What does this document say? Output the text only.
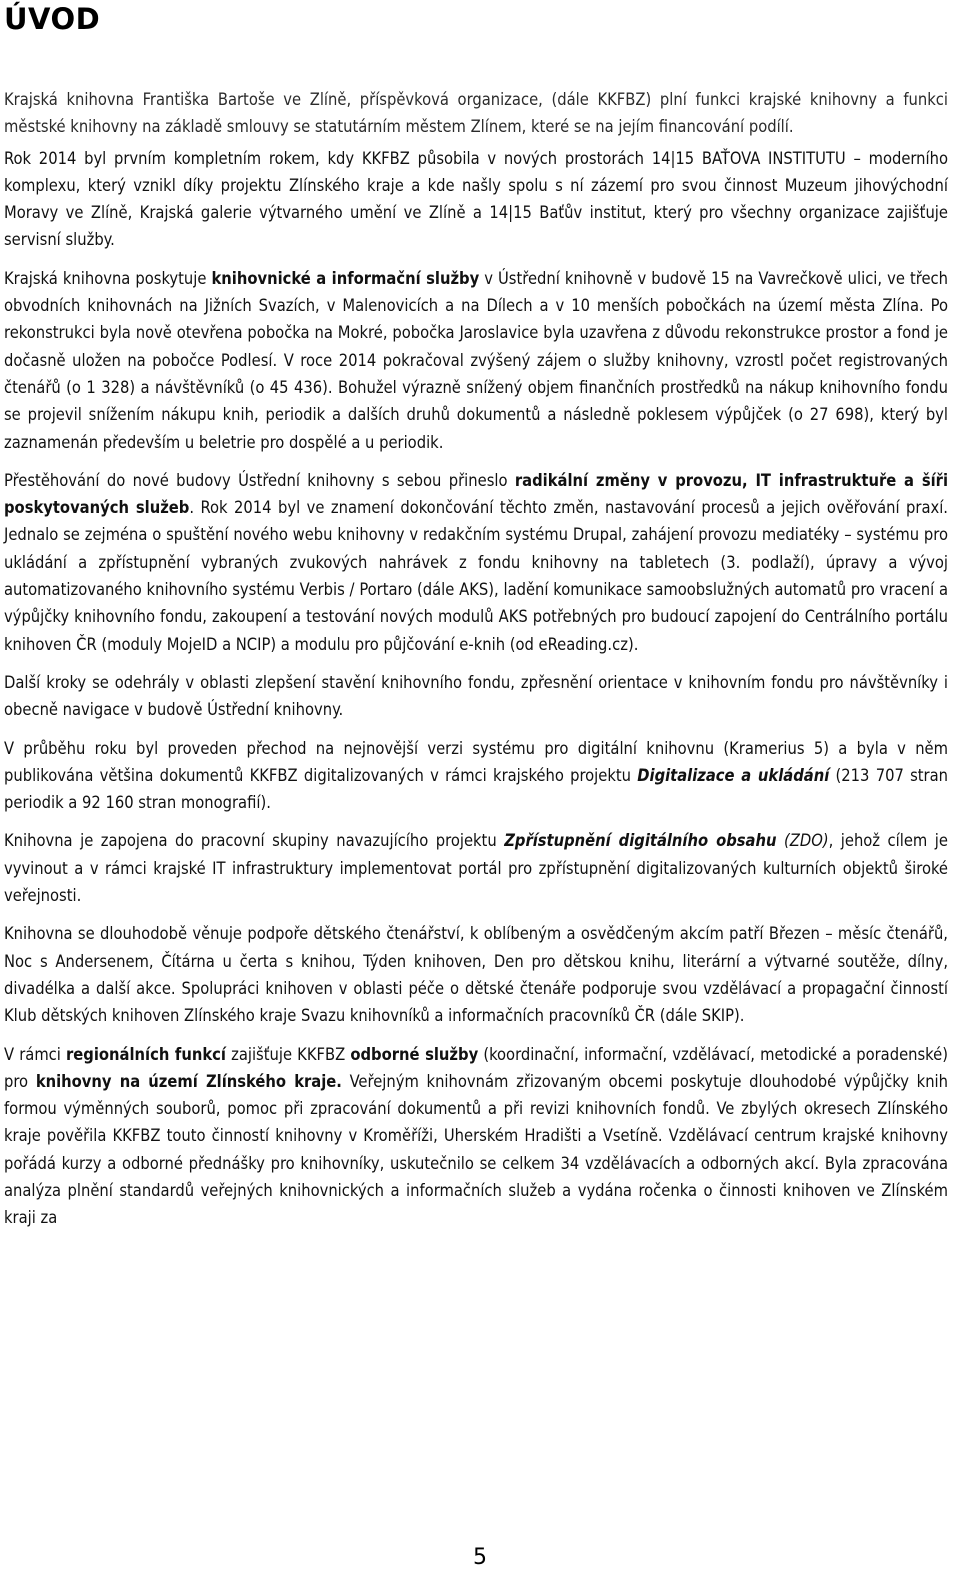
ÚVOD

Krajská knihovna Františka Bartoše ve Zlíně, příspěvková organizace, (dále KKFBZ) plní funkci krajské knihovny a funkci městské knihovny na základě smlouvy se statutárním městem Zlínem, které se na jejím financování podílí.

Rok 2014 byl prvním kompletním rokem, kdy KKFBZ působila v nových prostorách 14|15 BAŤOVA INSTITUTU – moderního komplexu, který vznikl díky projektu Zlínského kraje a kde našly spolu s ní zázemí pro svou činnost Muzeum jihovýchodní Moravy ve Zlíně, Krajská galerie výtvarného umění ve Zlíně a 14|15 Baťův institut, který pro všechny organizace zajišťuje servisní služby.

Krajská knihovna poskytuje knihovnické a informační služby v Ústřední knihovně v budově 15 na Vavrečkově ulici, ve třech obvodních knihovnách na Jižních Svazích, v Malenovicích a na Dílech a v 10 menších pobočkách na území města Zlína. Po rekonstrukci byla nově otevřena pobočka na Mokré, pobočka Jaroslavice byla uzavřena z důvodu rekonstrukce prostor a fond je dočasně uložen na pobočce Podlesí. V roce 2014 pokračoval zvýšený zájem o služby knihovny, vzrostl počet registrovaných čtenářů (o 1 328) a návštěvníků (o 45 436). Bohužel výrazně snížený objem finančních prostředků na nákup knihovního fondu se projevil snížením nákupu knih, periodik a dalších druhů dokumentů a následně poklesem výpůjček (o 27 698), který byl zaznamenán především u beletrie pro dospělé a u periodik.

Přestěhování do nové budovy Ústřední knihovny s sebou přineslo radikální změny v provozu, IT infrastruktuře a šíři poskytovaných služeb. Rok 2014 byl ve znamení dokončování těchto změn, nastavování procesů a jejich ověřování praxí. Jednalo se zejména o spuštění nového webu knihovny v redakčním systému Drupal, zahájení provozu mediatéky – systému pro ukládání a zpřístupnění vybraných zvukových nahrávek z fondu knihovny na tabletech (3. podlaží), úpravy a vývoj automatizovaného knihovního systému Verbis / Portaro (dále AKS), ladění komunikace samoobslužných automatů pro vracení a výpůjčky knihovního fondu, zakoupení a testování nových modulů AKS potřebných pro budoucí zapojení do Centrálního portálu knihoven ČR (moduly MojeID a NCIP) a modulu pro půjčování e-knih (od eReading.cz).

Další kroky se odehrály v oblasti zlepšení stavění knihovního fondu, zpřesnění orientace v knihovním fondu pro návštěvníky i obecně navigace v budově Ústřední knihovny.

V průběhu roku byl proveden přechod na nejnovější verzi systému pro digitální knihovnu (Kramerius 5) a byla v něm publikována většina dokumentů KKFBZ digitalizovaných v rámci krajského projektu Digitalizace a ukládání (213 707 stran periodik a 92 160 stran monografií).

Knihovna je zapojena do pracovní skupiny navazujícího projektu Zpřístupnění digitálního obsahu (ZDO), jehož cílem je vyvinout a v rámci krajské IT infrastruktury implementovat portál pro zpřístupnění digitalizovaných kulturních objektů široké veřejnosti.

Knihovna se dlouhodobě věnuje podpoře dětského čtenářství, k oblíbeným a osvědčeným akcím patří Březen – měsíc čtenářů, Noc s Andersenem, Čítárna u čerta s knihou, Týden knihoven, Den pro dětskou knihu, literární a výtvarné soutěže, dílny, divadélka a další akce. Spolupráci knihoven v oblasti péče o dětské čtenáře podporuje svou vzdělávací a propagační činností Klub dětských knihoven Zlínského kraje Svazu knihovníků a informačních pracovníků ČR (dále SKIP).

V rámci regionálních funkcí zajišťuje KKFBZ odborné služby (koordinační, informační, vzdělávací, metodické a poradenské) pro knihovny na území Zlínského kraje. Veřejným knihovnám zřizovaným obcemi poskytuje dlouhodobé výpůjčky knih formou výměnných souborů, pomoc při zpracování dokumentů a při revizi knihovních fondů. Ve zbylých okresech Zlínského kraje pověřila KKFBZ touto činností knihovny v Kroměříži, Uherském Hradišti a Vsetíně. Vzdělávací centrum krajské knihovny pořádá kurzy a odborné přednášky pro knihovníky, uskutečnilo se celkem 34 vzdělávacích a odborných akcí. Byla zpracována analýza plnění standardů veřejných knihovnických a informačních služeb a vydána ročenka o činnosti knihoven ve Zlínském kraji za

5
